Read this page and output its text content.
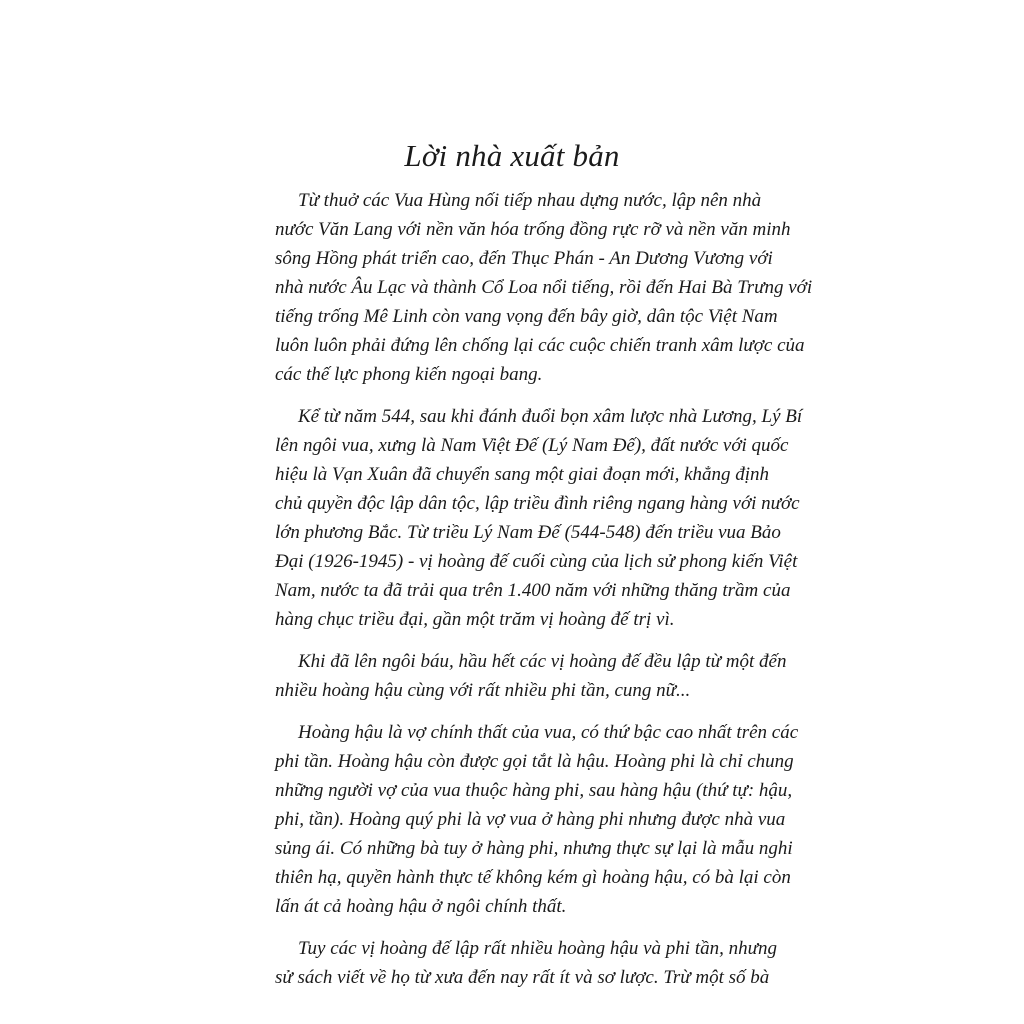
Lời nhà xuất bản
Từ thuở các Vua Hùng nối tiếp nhau dựng nước, lập nên nhà
nước Văn Lang với nền văn hóa trống đồng rực rỡ và nền văn minh
sông Hồng phát triển cao, đến Thục Phán - An Dương Vương với
nhà nước Âu Lạc và thành Cổ Loa nổi tiếng, rồi đến Hai Bà Trưng với
tiếng trống Mê Linh còn vang vọng đến bây giờ, dân tộc Việt Nam
luôn luôn phải đứng lên chống lại các cuộc chiến tranh xâm lược của
các thế lực phong kiến ngoại bang.
Kể từ năm 544, sau khi đánh đuổi bọn xâm lược nhà Lương, Lý Bí
lên ngôi vua, xưng là Nam Việt Đế (Lý Nam Đế), đất nước với quốc
hiệu là Vạn Xuân đã chuyển sang một giai đoạn mới, khẳng định
chủ quyền độc lập dân tộc, lập triều đình riêng ngang hàng với nước
lớn phương Bắc. Từ triều Lý Nam Đế (544-548) đến triều vua Bảo
Đại (1926-1945) - vị hoàng đế cuối cùng của lịch sử phong kiến Việt
Nam, nước ta đã trải qua trên 1.400 năm với những thăng trầm của
hàng chục triều đại, gần một trăm vị hoàng đế trị vì.
Khi đã lên ngôi báu, hầu hết các vị hoàng đế đều lập từ một đến
nhiều hoàng hậu cùng với rất nhiều phi tần, cung nữ...
Hoàng hậu là vợ chính thất của vua, có thứ bậc cao nhất trên các
phi tần. Hoàng hậu còn được gọi tắt là hậu. Hoàng phi là chỉ chung
những người vợ của vua thuộc hàng phi, sau hàng hậu (thứ tự: hậu,
phi, tần). Hoàng quý phi là vợ vua ở hàng phi nhưng được nhà vua
sủng ái. Có những bà tuy ở hàng phi, nhưng thực sự lại là mẫu nghi
thiên hạ, quyền hành thực tế không kém gì hoàng hậu, có bà lại còn
lấn át cả hoàng hậu ở ngôi chính thất.
Tuy các vị hoàng đế lập rất nhiều hoàng hậu và phi tần, nhưng
sử sách viết về họ từ xưa đến nay rất ít và sơ lược. Trừ một số bà
